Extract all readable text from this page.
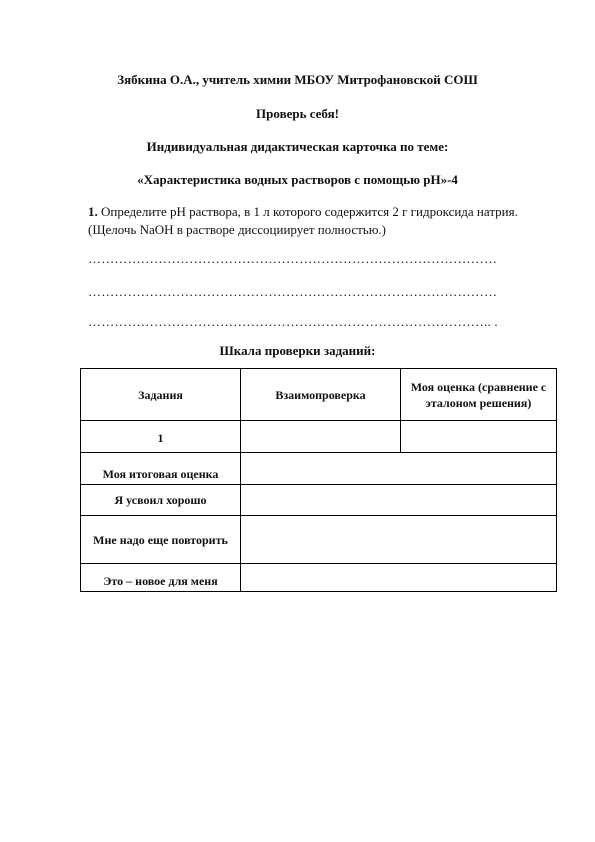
Зябкина О.А., учитель химии МБОУ Митрофановской СОШ
Проверь себя!
Индивидуальная дидактическая карточка по теме:
«Характеристика водных растворов с помощью рН»-4
1. Определите рН раствора, в 1 л которого содержится 2 г гидроксида натрия.
(Щелочь NaOH в растворе диссоциирует полностью.)
…………………………………………………………………………………
…………………………………………………………………………………
……………………………………………………………………………….. .
Шкала проверки заданий:
Задания	Взаимопроверка	Моя оценка (сравнение с эталоном решения)
1		
Моя итоговая оценка		
Я усвоил хорошо		
Мне надо еще повторить		
Это – новое для меня		
